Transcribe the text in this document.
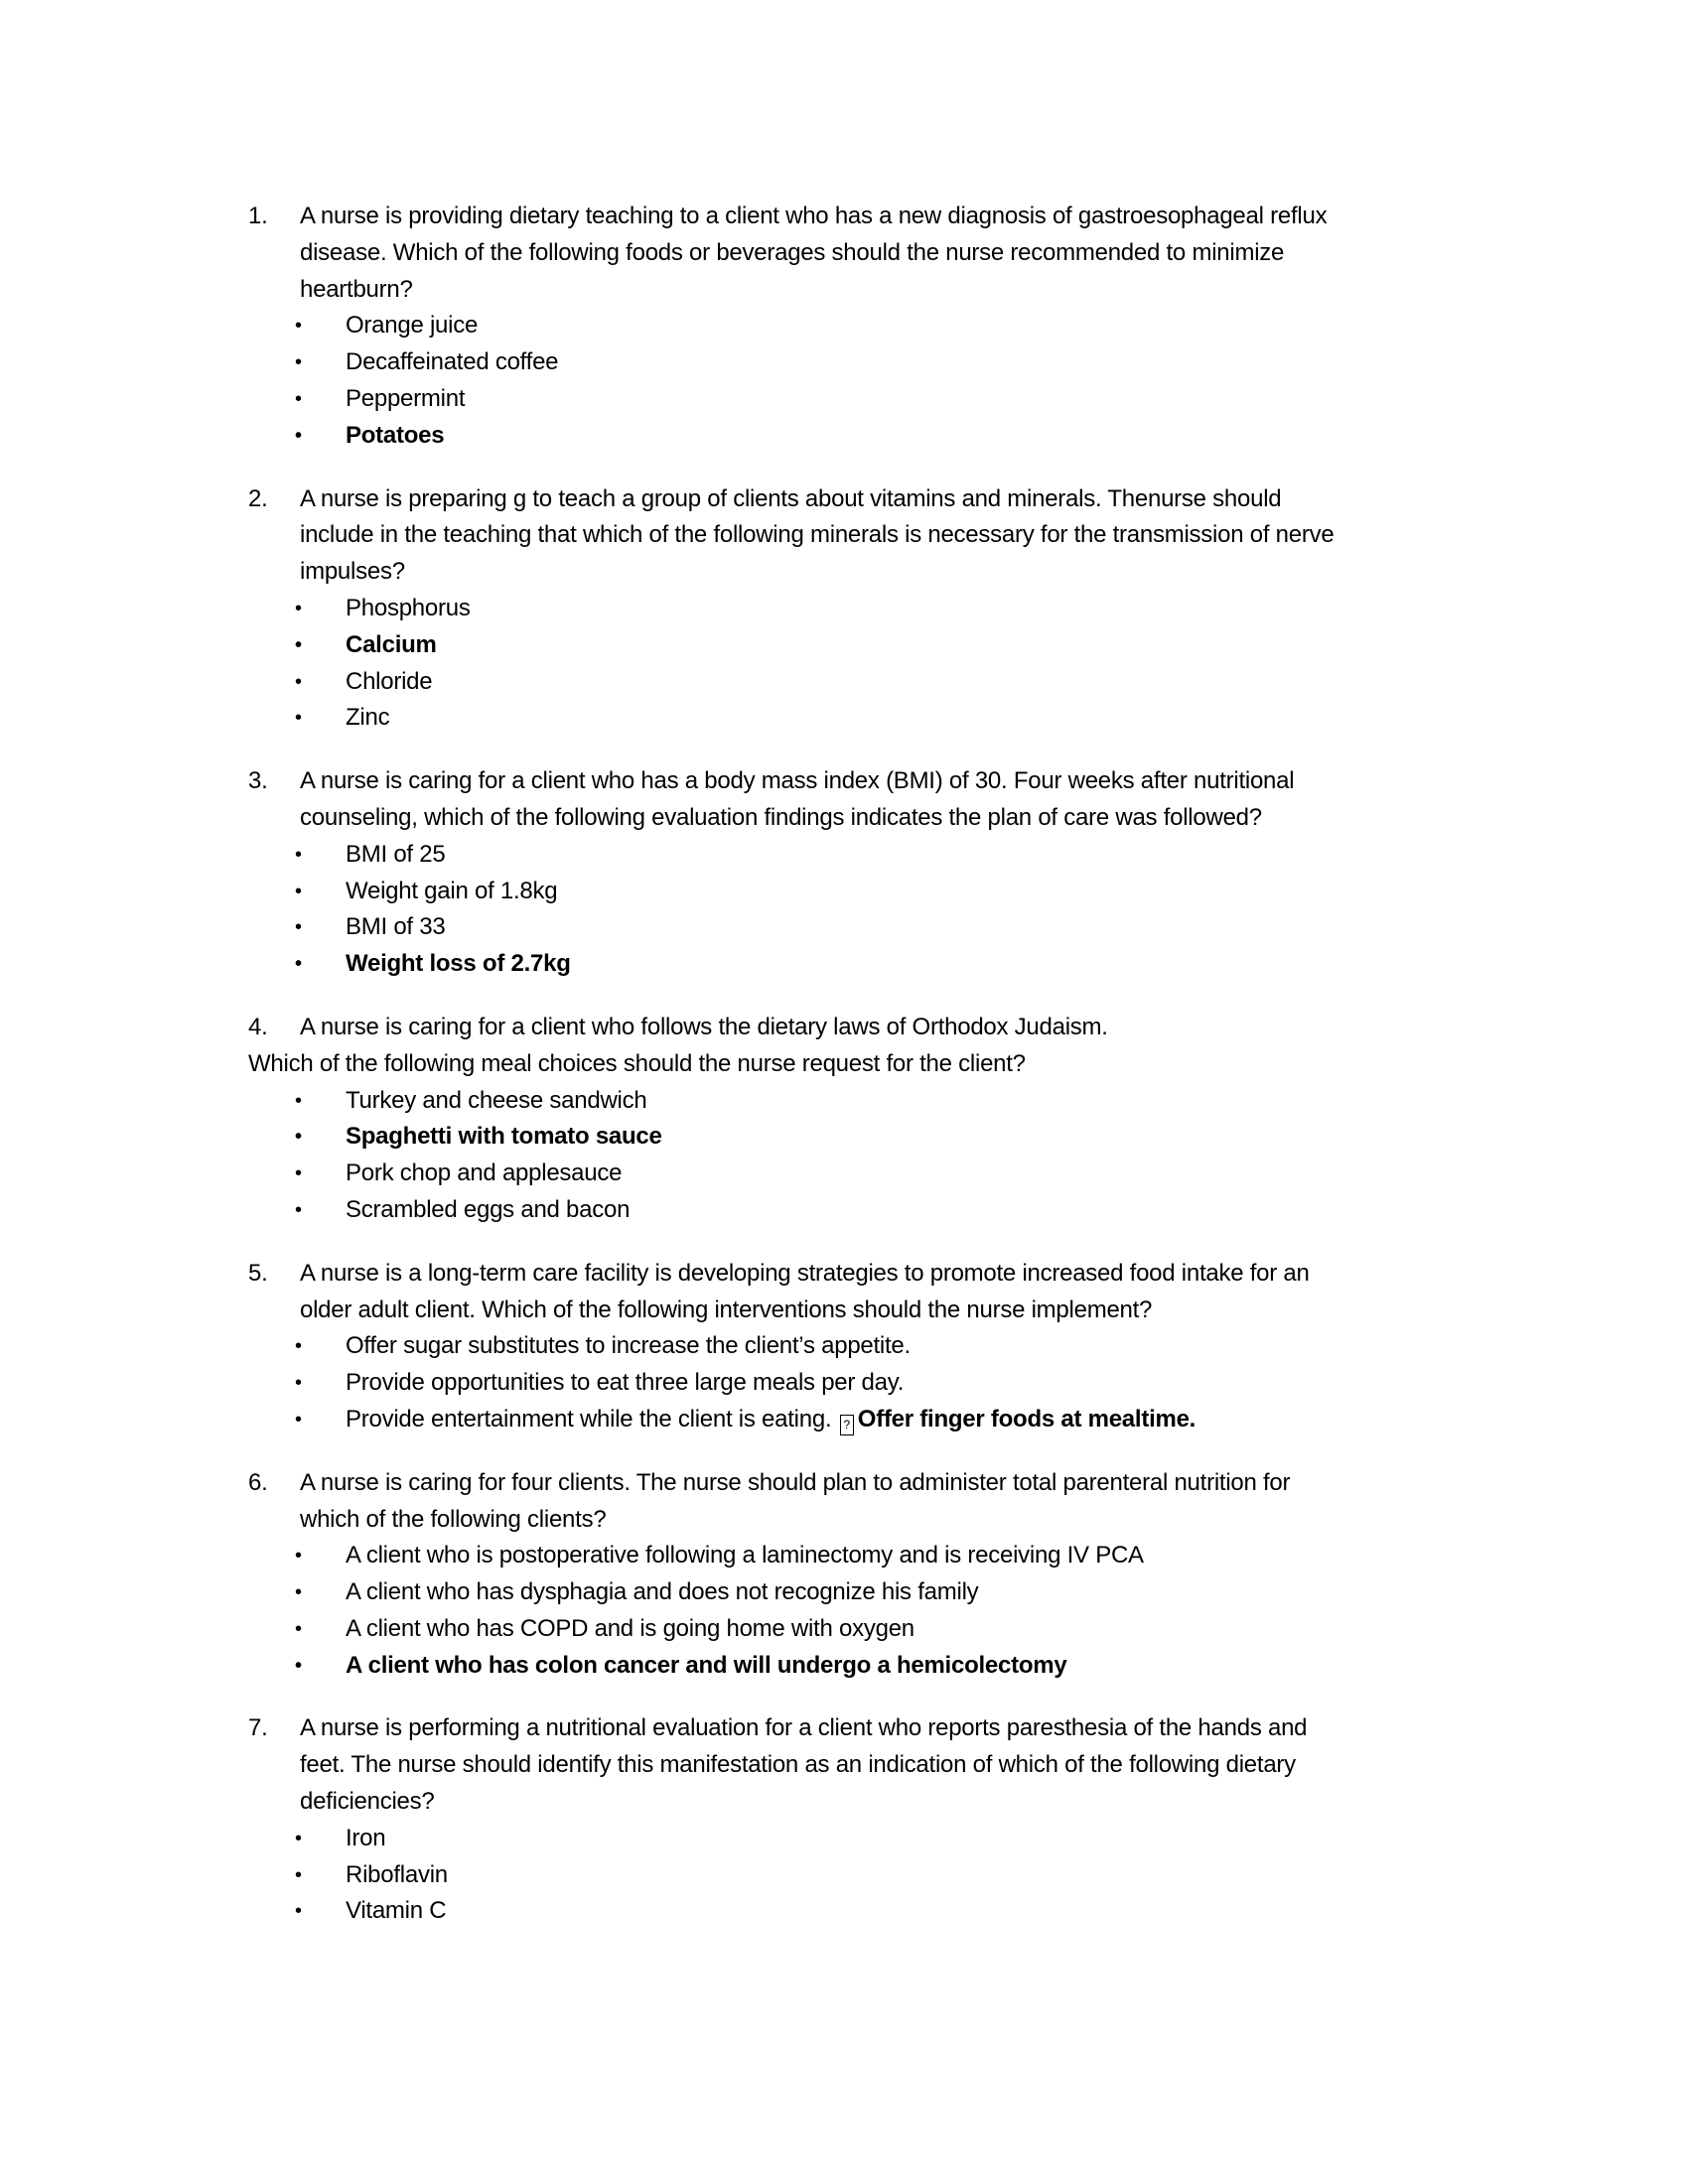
1. A nurse is providing dietary teaching to a client who has a new diagnosis of gastroesophageal reflux
disease. Which of the following foods or beverages should the nurse recommended to minimize
heartburn?
• Orange juice
• Decaffeinated coffee
• Peppermint
• Potatoes
2. A nurse is preparing g to teach a group of clients about vitamins and minerals. Thenurse should
include in the teaching that which of the following minerals is necessary for the transmission of nerve
impulses?
• Phosphorus
• Calcium
• Chloride
• Zinc
3. A nurse is caring for a client who has a body mass index (BMI) of 30. Four weeks after nutritional
counseling, which of the following evaluation findings indicates the plan of care was followed?
• BMI of 25
• Weight gain of 1.8kg
• BMI of 33
• Weight loss of 2.7kg
4. A nurse is caring for a client who follows the dietary laws of Orthodox Judaism.
Which of the following meal choices should the nurse request for the client?
• Turkey and cheese sandwich
• Spaghetti with tomato sauce
• Pork chop and applesauce
• Scrambled eggs and bacon
5. A nurse is a long-term care facility is developing strategies to promote increased food intake for an
older adult client. Which of the following interventions should the nurse implement?
• Offer sugar substitutes to increase the client’s appetite.
• Provide opportunities to eat three large meals per day.
• Provide entertainment while the client is eating. ? Offer finger foods at mealtime.
6. A nurse is caring for four clients. The nurse should plan to administer total parenteral nutrition for
which of the following clients?
• A client who is postoperative following a laminectomy and is receiving IV PCA
• A client who has dysphagia and does not recognize his family
• A client who has COPD and is going home with oxygen
• A client who has colon cancer and will undergo a hemicolectomy
7. A nurse is performing a nutritional evaluation for a client who reports paresthesia of the hands and
feet. The nurse should identify this manifestation as an indication of which of the following dietary
deficiencies?
• Iron
• Riboflavin
• Vitamin C
